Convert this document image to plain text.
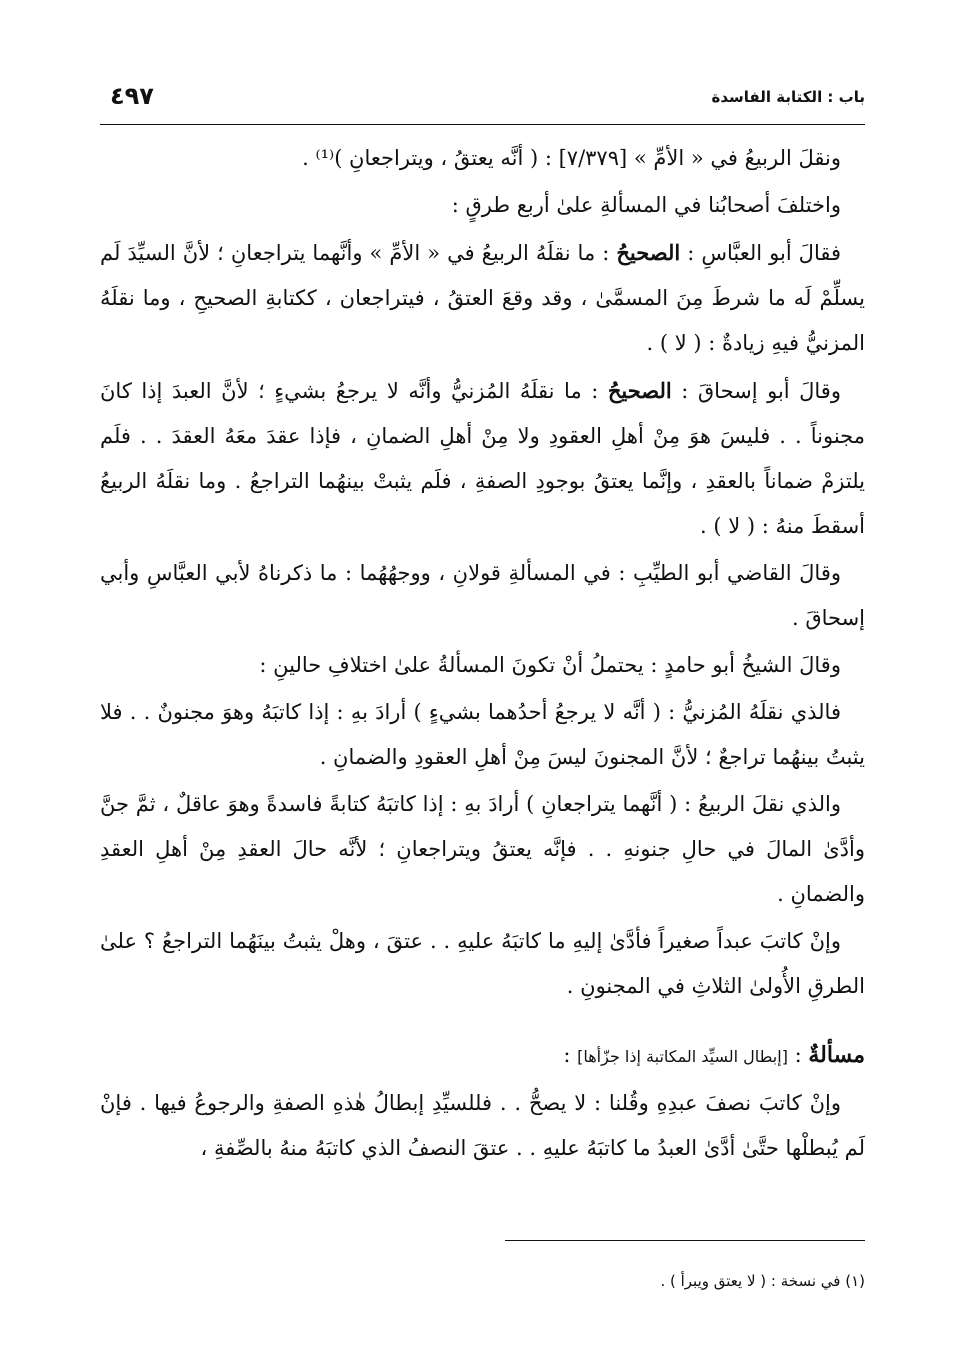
باب : الكتابة الفاسدة
٤٩٧

ونقلَ الربيعُ في « الأمِّ » [٧/٣٧٩] : ( أنَّه يعتقُ ، ويتراجعانِ )⁽¹⁾ .

واختلفَ أصحابُنا في المسألةِ علىٰ أربع طرقٍ :

فقالَ أبو العبَّاسِ : الصحيحُ : ما نقلَهُ الربيعُ في « الأمِّ » وأنَّهما يتراجعانِ ؛ لأنَّ السيِّدَ لَم يسلِّمْ لَه ما شرطَ مِنَ المسمَّىٰ ، وقد وقعَ العتقُ ، فيتراجعان ، ككتابةِ الصحيحِ ، وما نقلَهُ المزنيُّ فيهِ زيادةٌ : ( لا ) .

وقالَ أبو إسحاقَ : الصحيحُ : ما نقلَهُ المُزنيُّ وأنَّه لا يرجعُ بشيءٍ ؛ لأنَّ العبدَ إذا كانَ مجنوناً . . فليسَ هوَ مِنْ أهلِ العقودِ ولا مِنْ أهلِ الضمانِ ، فإذا عقدَ معَهُ العقدَ . . فلَم يلتزمْ ضماناً بالعقدِ ، وإنَّما يعتقُ بوجودِ الصفةِ ، فلَم يثبتْ بينهُما التراجعُ . وما نقلَهُ الربيعُ أسقطَ منهُ : ( لا ) .

وقالَ القاضي أبو الطيِّبِ : في المسألةِ قولانِ ، ووجهُهُما : ما ذكرناهُ لأبي العبَّاسِ وأبي إسحاقَ .

وقالَ الشيخُ أبو حامدٍ : يحتملُ أنْ تكونَ المسألةُ علىٰ اختلافِ حالينِ :

فالذي نقلَهُ المُزنيُّ : ( أنَّه لا يرجعُ أحدُهما بشيءٍ ) أرادَ بهِ : إذا كاتبَهُ وهوَ مجنونٌ . . فلا يثبتُ بينهُما تراجعٌ ؛ لأنَّ المجنونَ ليسَ مِنْ أهلِ العقودِ والضمانِ .

والذي نقلَ الربيعُ : ( أنَّهما يتراجعانِ ) أرادَ بهِ : إذا كاتبَهُ كتابةً فاسدةً وهوَ عاقلٌ ، ثمَّ جنَّ وأدَّىٰ المالَ في حالِ جنونهِ . . فإنَّه يعتقُ ويتراجعانِ ؛ لأنَّه حالَ العقدِ مِنْ أهلِ العقدِ والضمانِ .

وإنْ كاتبَ عبداً صغيراً فأدَّىٰ إليهِ ما كاتبَهُ عليهِ . . عتقَ ، وهلْ يثبتُ بينَهُما التراجعُ ؟ علىٰ الطرقِ الأُولىٰ الثلاثِ في المجنونِ .

مسألةٌ : [إبطال السيِّد المكاتبة إذا جزّأها] :

وإنْ كاتبَ نصفَ عبدِهِ وقُلنا : لا يصحُّ . . فللسيِّدِ إبطالُ هٰذهِ الصفةِ والرجوعُ فيها . فإنْ لَم يُبطلْها حتَّىٰ أدَّىٰ العبدُ ما كاتبَهُ عليهِ . . عتقَ النصفُ الذي كاتبَهُ منهُ بالصِّفةِ ،

(١) في نسخة : ( لا يعتق ويبرأ ) .
